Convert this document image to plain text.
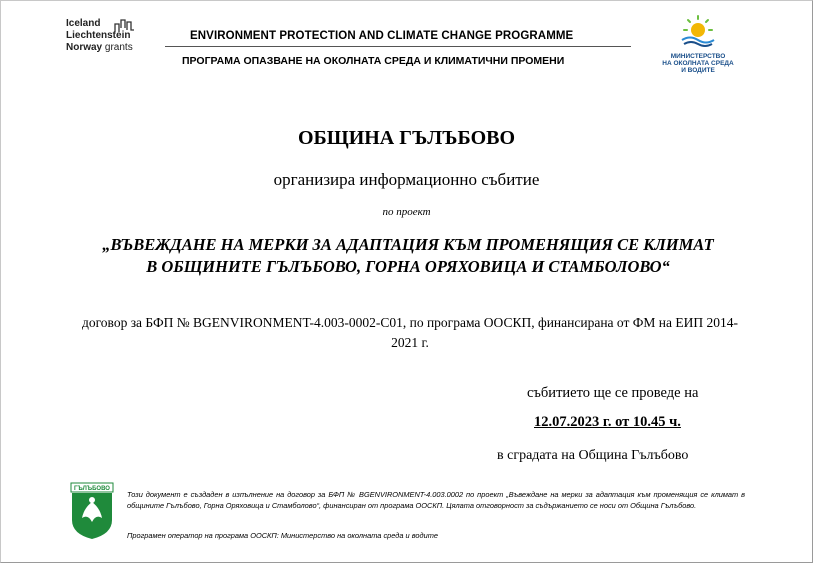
Iceland
Liechtenstein
Norway grants
ENVIRONMENT PROTECTION AND CLIMATE CHANGE PROGRAMME
ПРОГРАМА ОПАЗВАНЕ НА ОКОЛНАТА СРЕДА И КЛИМАТИЧНИ ПРОМЕНИ	МИНИСТЕРСТВО
НА ОКОЛНАТА СРЕДА
И ВОДИТЕ
ОБЩИНА ГЪЛЪБОВО
организира информационно събитие
по проект
„ВЪВЕЖДАНЕ НА МЕРКИ ЗА АДАПТАЦИЯ КЪМ ПРОМЕНЯЩИЯ СЕ КЛИМАТ В ОБЩИНИТЕ ГЪЛЪБОВО, ГОРНА ОРЯХОВИЦА И СТАМБОЛОВО“
договор за БФП № BGENVIRONMENT-4.003-0002-C01, по програма ООСКП, финансирана от ФМ на ЕИП 2014-2021 г.
събитието ще се проведе на
12.07.2023 г. от 10.45 ч.
в сградата на Община Гълъбово
ГЪЛЪБОВО
Този документ е създаден в изпълнение на договор за БФП № BGENVIRONMENT-4.003.0002 по проект „Въвеждане на мерки за адаптация към променящия се климат в общините Гълъбово, Горна Оряховица и Стамболово“, финансиран от програма ООСКП. Цялата отговорност за съдържанието се носи от Община Гълъбово.
Програмен оператор на програма ООСКП: Министерство на околната среда и водите
